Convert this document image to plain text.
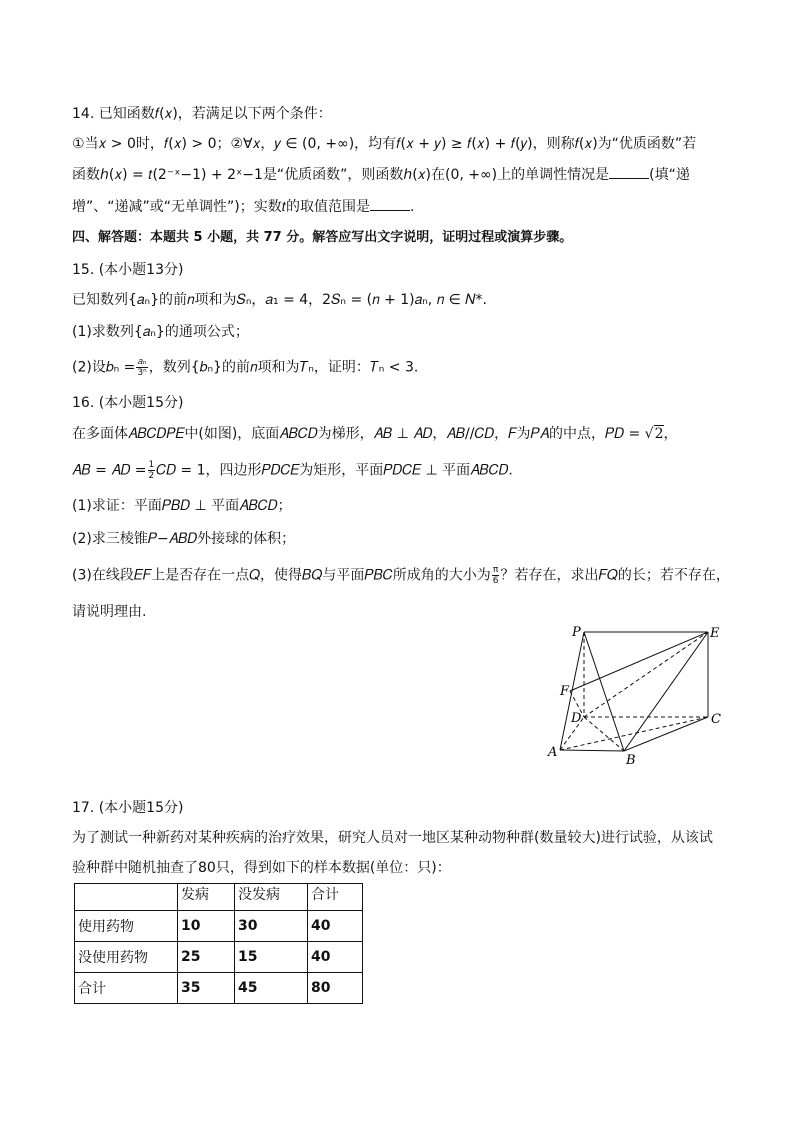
14. 已知函数𝑓(𝑥)，若满足以下两个条件：
①当𝑥 > 0时，𝑓(𝑥) > 0；②∀𝑥，𝑦 ∈ (0, +∞)，均有𝑓(𝑥 + 𝑦) ≥ 𝑓(𝑥) + 𝑓(𝑦)，则称𝑓(𝑥)为“优质函数”若
函数ℎ(𝑥) = 𝑡(2⁻ˣ−1) + 2ˣ−1是“优质函数”，则函数ℎ(𝑥)在(0, +∞)上的单调性情况是	(填“递
增”、“递减”或“无单调性”)；实数𝑡的取值范围是	.
四、解答题：本题共 5 小题，共 77 分。解答应写出文字说明，证明过程或演算步骤。
15. (本小题13分)
已知数列{𝑎ₙ}的前𝑛项和为𝑆ₙ，𝑎₁ = 4，2𝑆ₙ = (𝑛 + 1)𝑎ₙ, 𝑛 ∈ 𝑁*.
(1)求数列{𝑎ₙ}的通项公式；
(2)设𝑏ₙ = $\frac{\text{𝑎ₙ}}{\text{3ⁿ}}$ ，数列{𝑏ₙ}的前𝑛项和为𝑇ₙ，证明：𝑇ₙ < 3.
16. (本小题15分)
在多面体𝐴𝐵𝐶𝐷𝑃𝐸中(如图)，底面𝐴𝐵𝐶𝐷为梯形，𝐴𝐵 ⊥ 𝐴𝐷，𝐴𝐵//𝐶𝐷，𝐹为𝑃𝐴的中点，𝑃𝐷 = √2，
𝐴𝐵 = 𝐴𝐷 = $\frac{1}{2}$ 𝐶𝐷 = 1，四边形𝑃𝐷𝐶𝐸为矩形，平面𝑃𝐷𝐶𝐸 ⊥ 平面𝐴𝐵𝐶𝐷.
(1)求证：平面𝑃𝐵𝐷 ⊥ 平面𝐴𝐵𝐶𝐷；
(2)求三棱锥𝑃−𝐴𝐵𝐷外接球的体积；
(3)在线段𝐸𝐹上是否存在一点𝑄，使得𝐵𝑄与平面𝑃𝐵𝐶所成角的大小为 $\frac{\pi}{6}$ ？若存在，求出𝐹𝑄的长；若不存在，
请说明理由.
P	E
F
D	C
A
B
17. (本小题15分)
为了测试一种新药对某种疾病的治疗效果，研究人员对一地区某种动物种群(数量较大)进行试验，从该试
验种群中随机抽查了80只，得到如下的样本数据(单位：只)：
	发病	没发病	合计
使用药物	10	30	40
没使用药物	25	15	40
合计	35	45	80
